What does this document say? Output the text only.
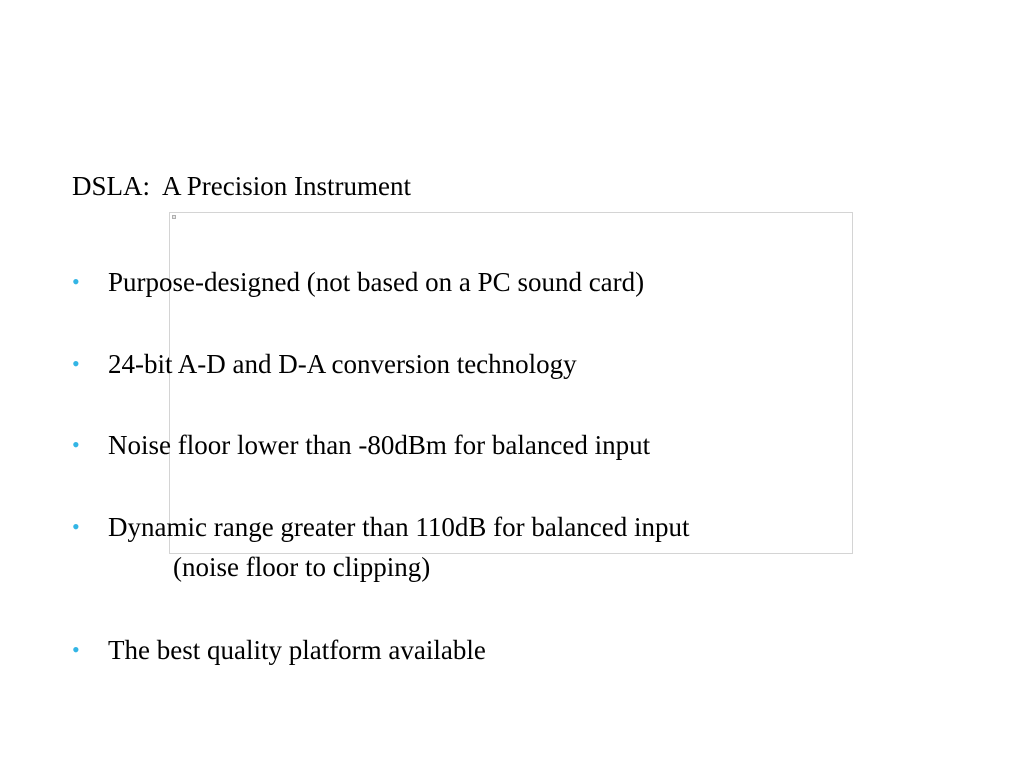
DSLA:  A Precision Instrument
• Purpose-designed (not based on a PC sound card)
• 24-bit A-D and D-A conversion technology
• Noise floor lower than -80dBm for balanced input
• Dynamic range greater than 110dB for balanced input
(noise floor to clipping)
• The best quality platform available
